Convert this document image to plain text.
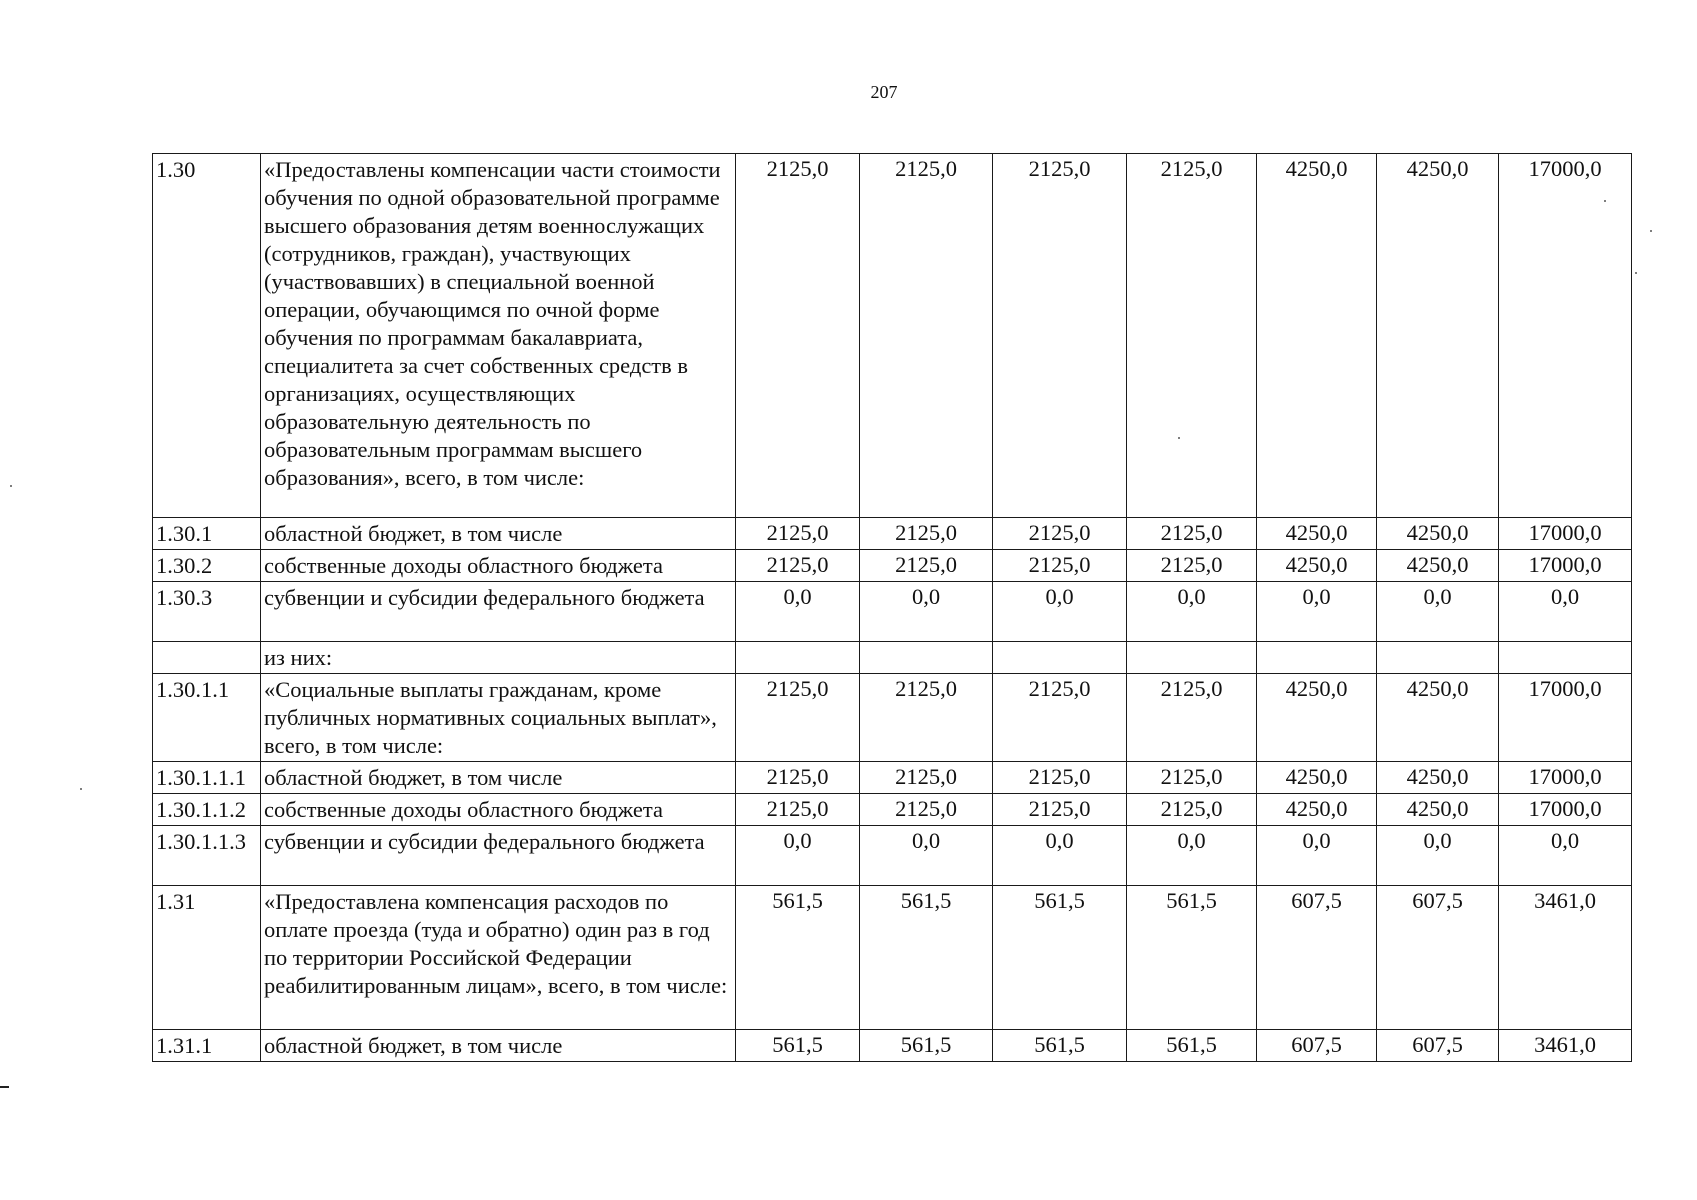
207
1.30	«Предоставлены компенсации части стоимости обучения по одной образовательной программе высшего образования детям военнослужащих (сотрудников, граждан), участвующих (участвовавших) в специальной военной операции, обучающимся по очной форме обучения по программам бакалавриата, специалитета за счет собственных средств в организациях, осуществляющих образовательную деятельность по образовательным программам высшего образования», всего, в том числе:	2125,0	2125,0	2125,0	2125,0	4250,0	4250,0	17000,0
1.30.1	областной бюджет, в том числе	2125,0	2125,0	2125,0	2125,0	4250,0	4250,0	17000,0
1.30.2	собственные доходы областного бюджета	2125,0	2125,0	2125,0	2125,0	4250,0	4250,0	17000,0
1.30.3	субвенции и субсидии федерального бюджета	0,0	0,0	0,0	0,0	0,0	0,0	0,0
	из них:							
1.30.1.1	«Социальные выплаты гражданам, кроме публичных нормативных социальных выплат», всего, в том числе:	2125,0	2125,0	2125,0	2125,0	4250,0	4250,0	17000,0
1.30.1.1.1	областной бюджет, в том числе	2125,0	2125,0	2125,0	2125,0	4250,0	4250,0	17000,0
1.30.1.1.2	собственные доходы областного бюджета	2125,0	2125,0	2125,0	2125,0	4250,0	4250,0	17000,0
1.30.1.1.3	субвенции и субсидии федерального бюджета	0,0	0,0	0,0	0,0	0,0	0,0	0,0
1.31	«Предоставлена компенсация расходов по оплате проезда (туда и обратно) один раз в год по территории Российской Федерации реабилитированным лицам», всего, в том числе:	561,5	561,5	561,5	561,5	607,5	607,5	3461,0
1.31.1	областной бюджет, в том числе	561,5	561,5	561,5	561,5	607,5	607,5	3461,0
